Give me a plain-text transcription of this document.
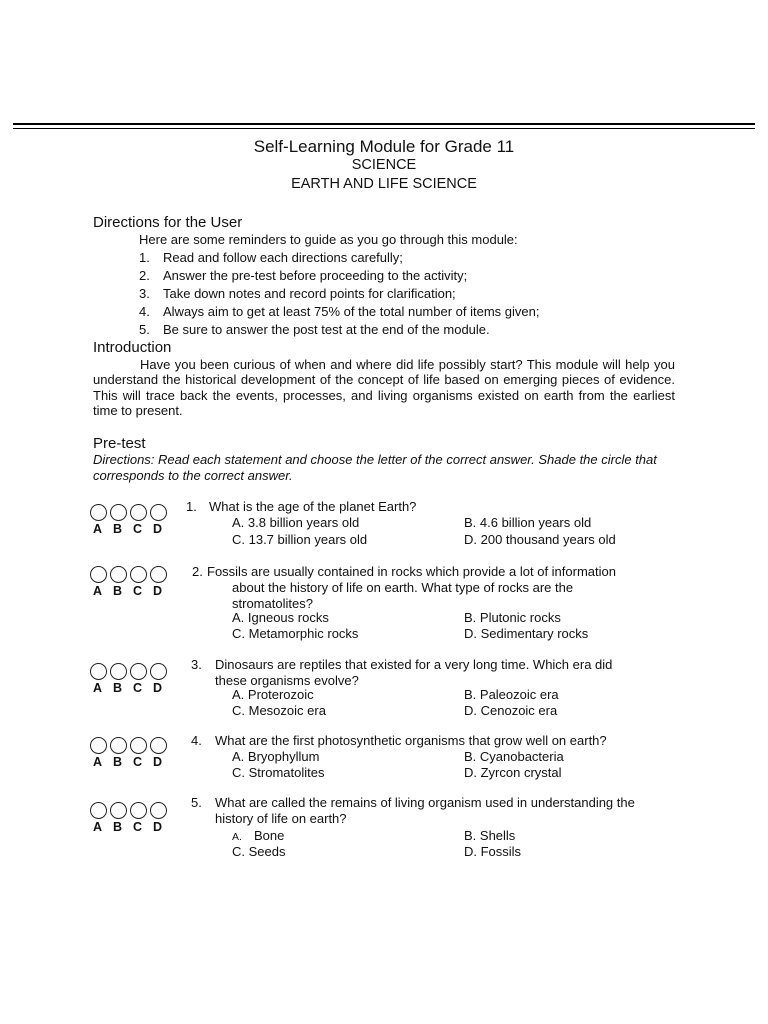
Self-Learning Module for Grade 11
SCIENCE
EARTH AND LIFE SCIENCE
Directions for the User
Here are some reminders to guide as you go through this module:
1. Read and follow each directions carefully;
2. Answer the pre-test before proceeding to the activity;
3. Take down notes and record points for clarification;
4. Always aim to get at least 75% of the total number of items given;
5. Be sure to answer the post test at the end of the module.
Introduction

Have you been curious of when and where did life possibly start? This module will help you understand the historical development of the concept of life based on emerging pieces of evidence. This will trace back the events, processes, and living organisms existed on earth from the earliest time to present.

Pre-test

Directions: Read each statement and choose the letter of the correct answer. Shade the circle that corresponds to the correct answer.

A B C D
1. What is the age of the planet Earth?
A. 3.8 billion years old	B. 4.6 billion years old
C. 13.7 billion years old	D. 200 thousand years old
A B C D
2. Fossils are usually contained in rocks which provide a lot of information
about the history of life on earth. What type of rocks are the
stromatolites?
A. Igneous rocks	B. Plutonic rocks
C. Metamorphic rocks	D. Sedimentary rocks
A B C D
3. Dinosaurs are reptiles that existed for a very long time. Which era did
these organisms evolve?
A. Proterozoic	B. Paleozoic era
C. Mesozoic era	D. Cenozoic era
A B C D
4. What are the first photosynthetic organisms that grow well on earth?
A. Bryophyllum	B. Cyanobacteria
C. Stromatolites	D. Zyrcon crystal
A B C D
5. What are called the remains of living organism used in understanding the
history of life on earth?
A. Bone	B. Shells
C. Seeds	D. Fossils
